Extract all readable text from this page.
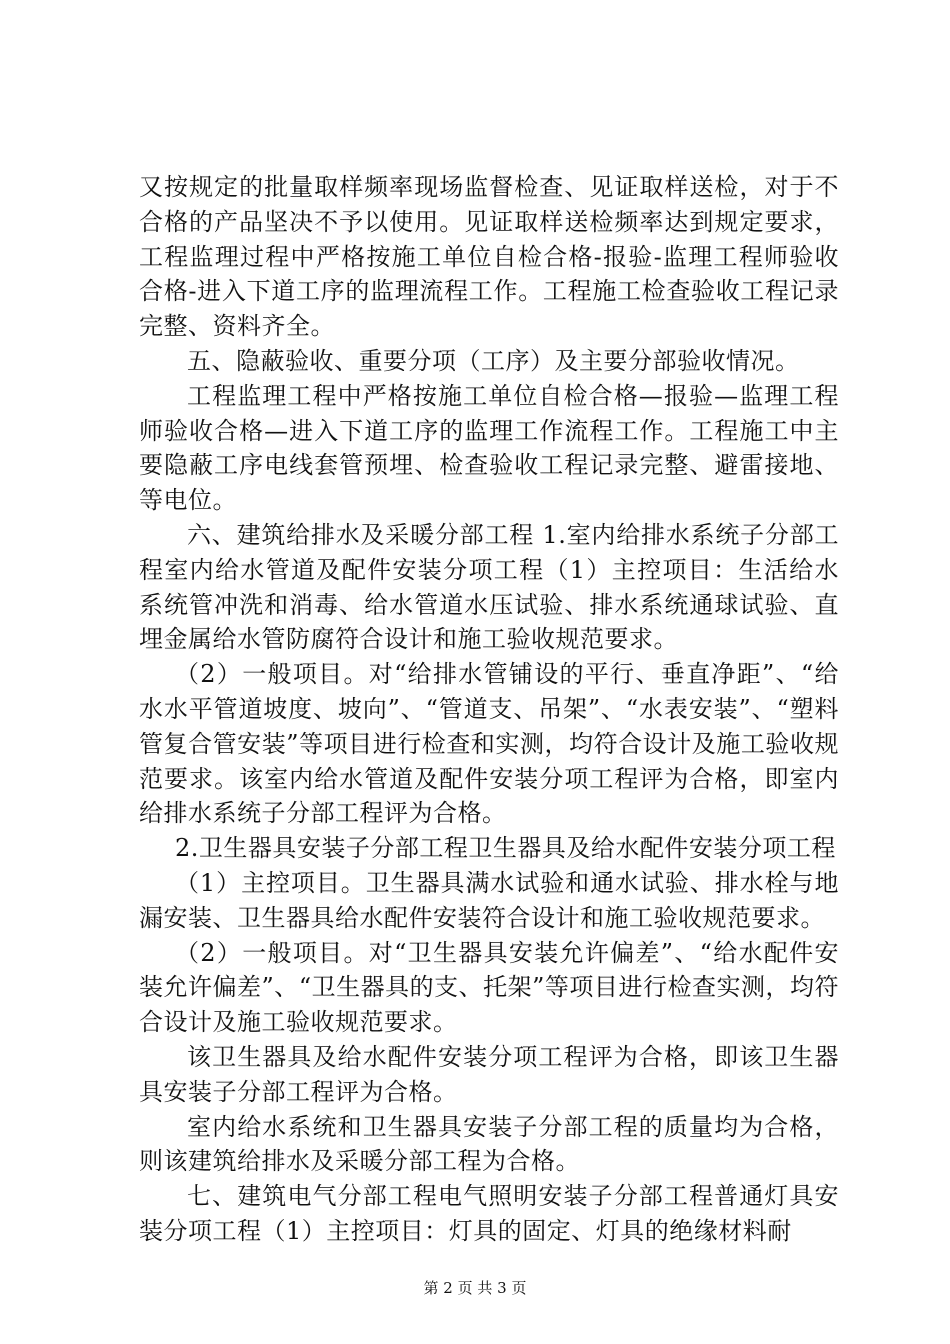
又按规定的批量取样频率现场监督检查、见证取样送检，对于不合格的产品坚决不予以使用。见证取样送检频率达到规定要求，工程监理过程中严格按施工单位自检合格-报验-监理工程师验收合格-进入下道工序的监理流程工作。工程施工检查验收工程记录完整、资料齐全。

五、隐蔽验收、重要分项（工序）及主要分部验收情况。

工程监理工程中严格按施工单位自检合格—报验—监理工程师验收合格—进入下道工序的监理工作流程工作。工程施工中主要隐蔽工序电线套管预埋、检查验收工程记录完整、避雷接地、等电位。

六、建筑给排水及采暖分部工程 1.室内给排水系统子分部工程室内给水管道及配件安装分项工程（1）主控项目：生活给水系统管冲洗和消毒、给水管道水压试验、排水系统通球试验、直埋金属给水管防腐符合设计和施工验收规范要求。

（2）一般项目。对“给排水管铺设的平行、垂直净距”、“给水水平管道坡度、坡向”、“管道支、吊架”、“水表安装”、“塑料管复合管安装”等项目进行检查和实测，均符合设计及施工验收规范要求。该室内给水管道及配件安装分项工程评为合格，即室内给排水系统子分部工程评为合格。

2.卫生器具安装子分部工程卫生器具及给水配件安装分项工程

（1）主控项目。卫生器具满水试验和通水试验、排水栓与地漏安装、卫生器具给水配件安装符合设计和施工验收规范要求。

（2）一般项目。对“卫生器具安装允许偏差”、“给水配件安装允许偏差”、“卫生器具的支、托架”等项目进行检查实测，均符合设计及施工验收规范要求。

该卫生器具及给水配件安装分项工程评为合格，即该卫生器具安装子分部工程评为合格。

室内给水系统和卫生器具安装子分部工程的质量均为合格，则该建筑给排水及采暖分部工程为合格。

七、建筑电气分部工程电气照明安装子分部工程普通灯具安装分项工程（1）主控项目：灯具的固定、灯具的绝缘材料耐

第 2 页 共 3 页
